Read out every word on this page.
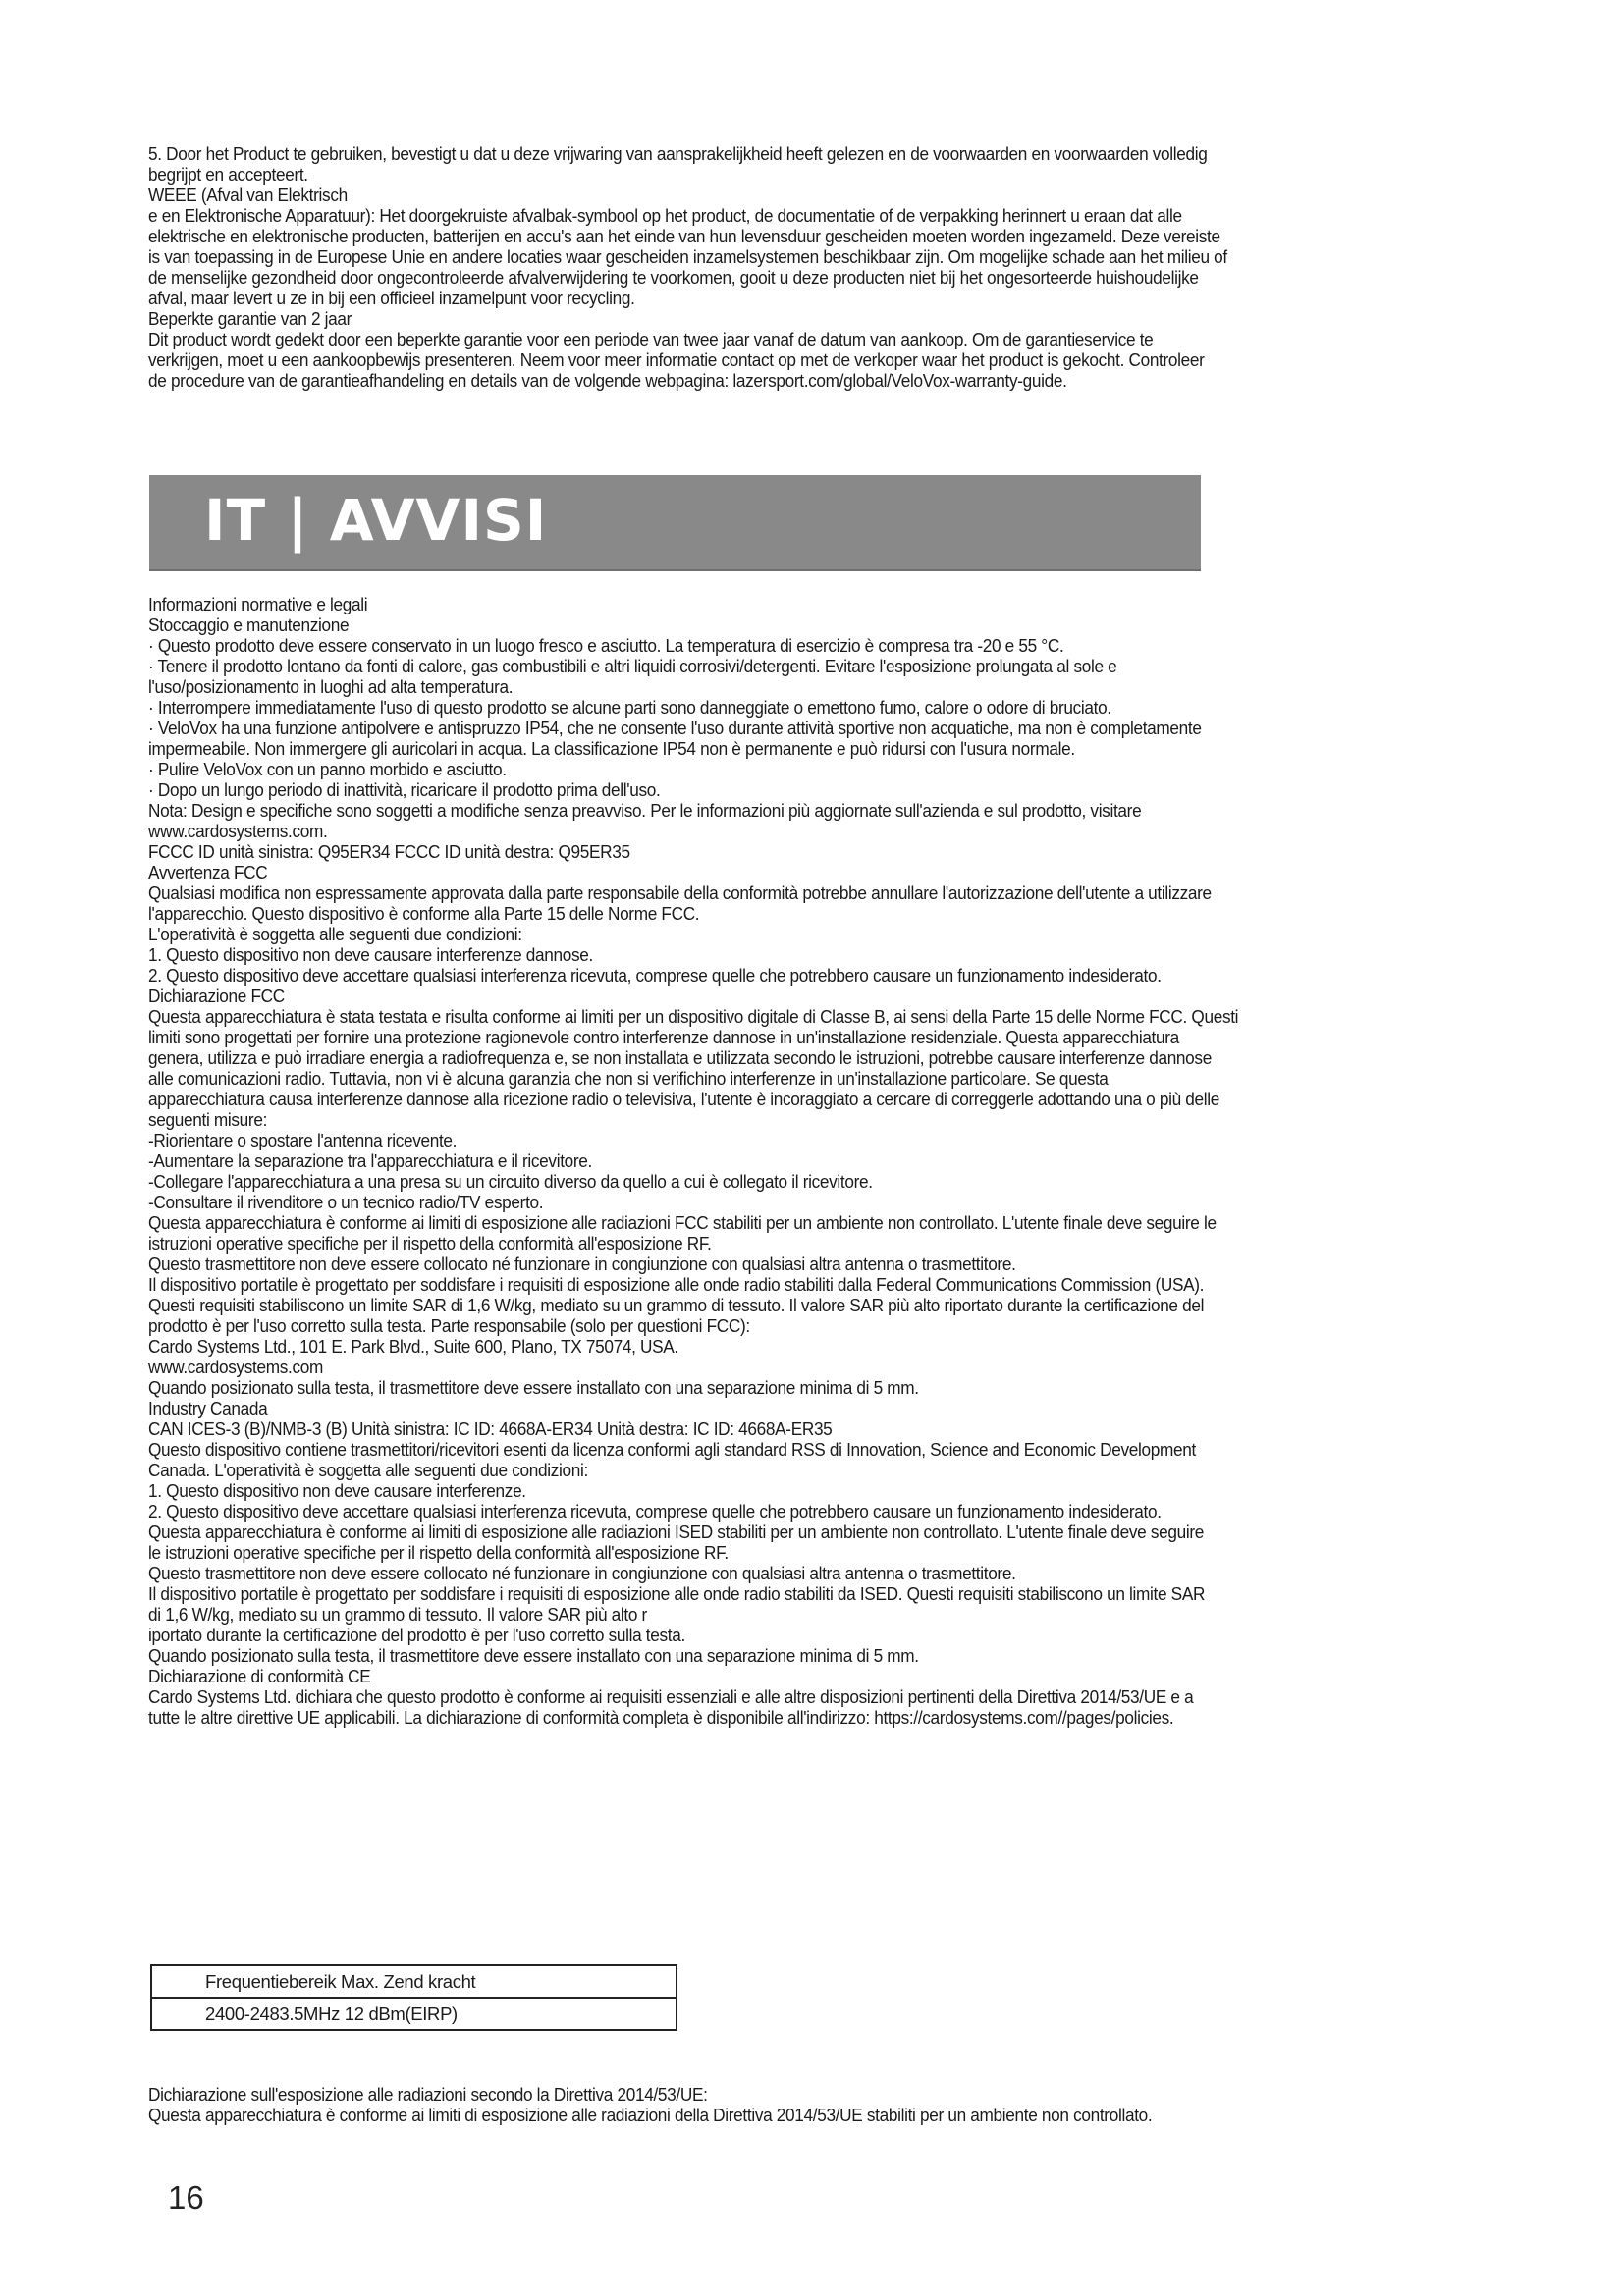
5. Door het Product te gebruiken, bevestigt u dat u deze vrijwaring van aansprakelijkheid heeft gelezen en de voorwaarden en voorwaarden volledig
begrijpt en accepteert.
WEEE (Afval van Elektrisch
e en Elektronische Apparatuur): Het doorgekruiste afvalbak-symbool op het product, de documentatie of de verpakking herinnert u eraan dat alle
elektrische en elektronische producten, batterijen en accu's aan het einde van hun levensduur gescheiden moeten worden ingezameld. Deze vereiste
is van toepassing in de Europese Unie en andere locaties waar gescheiden inzamelsystemen beschikbaar zijn. Om mogelijke schade aan het milieu of
de menselijke gezondheid door ongecontroleerde afvalverwijdering te voorkomen, gooit u deze producten niet bij het ongesorteerde huishoudelijke
afval, maar levert u ze in bij een officieel inzamelpunt voor recycling.
Beperkte garantie van 2 jaar
Dit product wordt gedekt door een beperkte garantie voor een periode van twee jaar vanaf de datum van aankoop. Om de garantieservice te
verkrijgen, moet u een aankoopbewijs presenteren. Neem voor meer informatie contact op met de verkoper waar het product is gekocht. Controleer
de procedure van de garantieafhandeling en details van de volgende webpagina: lazersport.com/global/VeloVox-warranty-guide.
IT | AVVISI
Informazioni normative e legali
Stoccaggio e manutenzione
· Questo prodotto deve essere conservato in un luogo fresco e asciutto. La temperatura di esercizio è compresa tra -20 e 55 °C.
· Tenere il prodotto lontano da fonti di calore, gas combustibili e altri liquidi corrosivi/detergenti. Evitare l'esposizione prolungata al sole e
l'uso/posizionamento in luoghi ad alta temperatura.
· Interrompere immediatamente l'uso di questo prodotto se alcune parti sono danneggiate o emettono fumo, calore o odore di bruciato.
· VeloVox ha una funzione antipolvere e antispruzzo IP54, che ne consente l'uso durante attività sportive non acquatiche, ma non è completamente
impermeabile. Non immergere gli auricolari in acqua. La classificazione IP54 non è permanente e può ridursi con l'usura normale.
· Pulire VeloVox con un panno morbido e asciutto.
· Dopo un lungo periodo di inattività, ricaricare il prodotto prima dell'uso.
Nota: Design e specifiche sono soggetti a modifiche senza preavviso. Per le informazioni più aggiornate sull'azienda e sul prodotto, visitare
www.cardosystems.com.
FCCC ID unità sinistra: Q95ER34 FCCC ID unità destra: Q95ER35
Avvertenza FCC
Qualsiasi modifica non espressamente approvata dalla parte responsabile della conformità potrebbe annullare l'autorizzazione dell'utente a utilizzare
l'apparecchio. Questo dispositivo è conforme alla Parte 15 delle Norme FCC.
L'operatività è soggetta alle seguenti due condizioni:
1. Questo dispositivo non deve causare interferenze dannose.
2. Questo dispositivo deve accettare qualsiasi interferenza ricevuta, comprese quelle che potrebbero causare un funzionamento indesiderato.
Dichiarazione FCC
Questa apparecchiatura è stata testata e risulta conforme ai limiti per un dispositivo digitale di Classe B, ai sensi della Parte 15 delle Norme FCC. Questi
limiti sono progettati per fornire una protezione ragionevole contro interferenze dannose in un'installazione residenziale. Questa apparecchiatura
genera, utilizza e può irradiare energia a radiofrequenza e, se non installata e utilizzata secondo le istruzioni, potrebbe causare interferenze dannose
alle comunicazioni radio. Tuttavia, non vi è alcuna garanzia che non si verifichino interferenze in un'installazione particolare. Se questa
apparecchiatura causa interferenze dannose alla ricezione radio o televisiva, l'utente è incoraggiato a cercare di correggerle adottando una o più delle
seguenti misure:
-Riorientare o spostare l'antenna ricevente.
-Aumentare la separazione tra l'apparecchiatura e il ricevitore.
-Collegare l'apparecchiatura a una presa su un circuito diverso da quello a cui è collegato il ricevitore.
-Consultare il rivenditore o un tecnico radio/TV esperto.
Questa apparecchiatura è conforme ai limiti di esposizione alle radiazioni FCC stabiliti per un ambiente non controllato. L'utente finale deve seguire le
istruzioni operative specifiche per il rispetto della conformità all'esposizione RF.
Questo trasmettitore non deve essere collocato né funzionare in congiunzione con qualsiasi altra antenna o trasmettitore.
Il dispositivo portatile è progettato per soddisfare i requisiti di esposizione alle onde radio stabiliti dalla Federal Communications Commission (USA).
Questi requisiti stabiliscono un limite SAR di 1,6 W/kg, mediato su un grammo di tessuto. Il valore SAR più alto riportato durante la certificazione del
prodotto è per l'uso corretto sulla testa. Parte responsabile (solo per questioni FCC):
Cardo Systems Ltd., 101 E. Park Blvd., Suite 600, Plano, TX 75074, USA.
www.cardosystems.com
Quando posizionato sulla testa, il trasmettitore deve essere installato con una separazione minima di 5 mm.
Industry Canada
CAN ICES-3 (B)/NMB-3 (B) Unità sinistra: IC ID: 4668A-ER34 Unità destra: IC ID: 4668A-ER35
Questo dispositivo contiene trasmettitori/ricevitori esenti da licenza conformi agli standard RSS di Innovation, Science and Economic Development
Canada. L'operatività è soggetta alle seguenti due condizioni:
1. Questo dispositivo non deve causare interferenze.
2. Questo dispositivo deve accettare qualsiasi interferenza ricevuta, comprese quelle che potrebbero causare un funzionamento indesiderato.
Questa apparecchiatura è conforme ai limiti di esposizione alle radiazioni ISED stabiliti per un ambiente non controllato. L'utente finale deve seguire
le istruzioni operative specifiche per il rispetto della conformità all'esposizione RF.
Questo trasmettitore non deve essere collocato né funzionare in congiunzione con qualsiasi altra antenna o trasmettitore.
Il dispositivo portatile è progettato per soddisfare i requisiti di esposizione alle onde radio stabiliti da ISED. Questi requisiti stabiliscono un limite SAR
di 1,6 W/kg, mediato su un grammo di tessuto. Il valore SAR più alto r
iportato durante la certificazione del prodotto è per l'uso corretto sulla testa.
Quando posizionato sulla testa, il trasmettitore deve essere installato con una separazione minima di 5 mm.
Dichiarazione di conformità CE
Cardo Systems Ltd. dichiara che questo prodotto è conforme ai requisiti essenziali e alle altre disposizioni pertinenti della Direttiva 2014/53/UE e a
tutte le altre direttive UE applicabili. La dichiarazione di conformità completa è disponibile all'indirizzo: https://cardosystems.com//pages/policies.
Frequentiebereik Max. Zend kracht
2400-2483.5MHz 12 dBm(EIRP)
Dichiarazione sull'esposizione alle radiazioni secondo la Direttiva 2014/53/UE:
Questa apparecchiatura è conforme ai limiti di esposizione alle radiazioni della Direttiva 2014/53/UE stabiliti per un ambiente non controllato.
16
